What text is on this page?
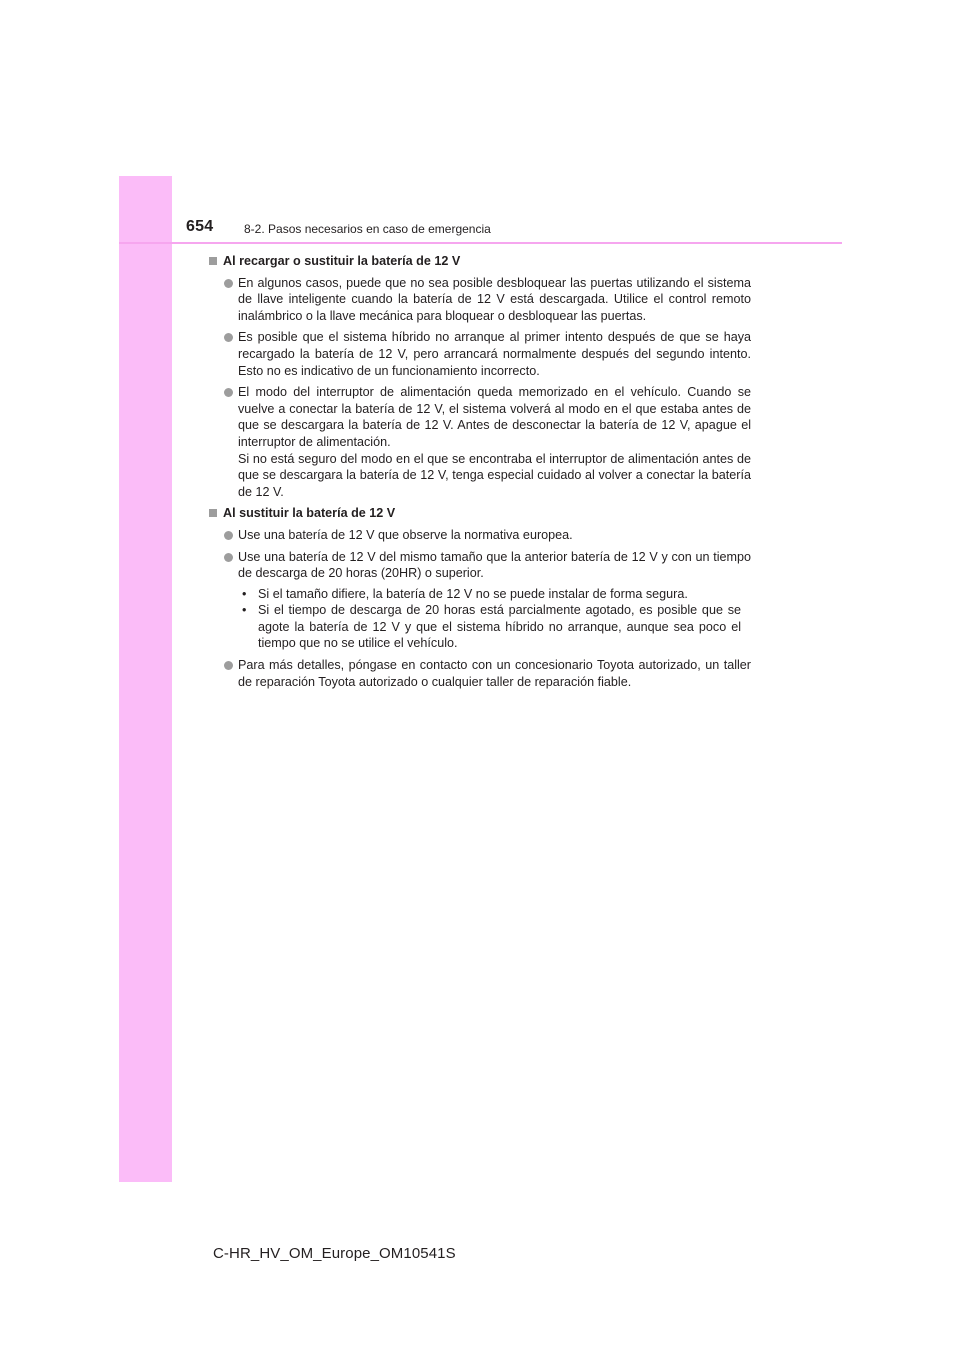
654	8-2. Pasos necesarios en caso de emergencia
Al recargar o sustituir la batería de 12 V

En algunos casos, puede que no sea posible desbloquear las puertas utilizando el sistema de llave inteligente cuando la batería de 12 V está descargada. Utilice el control remoto inalámbrico o la llave mecánica para bloquear o desbloquear las puertas.

Es posible que el sistema híbrido no arranque al primer intento después de que se haya recargado la batería de 12 V, pero arrancará normalmente después del segundo intento. Esto no es indicativo de un funcionamiento incorrecto.

El modo del interruptor de alimentación queda memorizado en el vehículo. Cuando se vuelve a conectar la batería de 12 V, el sistema volverá al modo en el que estaba antes de que se descargara la batería de 12 V. Antes de desconectar la batería de 12 V, apague el interruptor de alimentación.

Si no está seguro del modo en el que se encontraba el interruptor de alimentación antes de que se descargara la batería de 12 V, tenga especial cuidado al volver a conectar la batería de 12 V.

Al sustituir la batería de 12 V

Use una batería de 12 V que observe la normativa europea.

Use una batería de 12 V del mismo tamaño que la anterior batería de 12 V y con un tiempo de descarga de 20 horas (20HR) o superior.

• Si el tamaño difiere, la batería de 12 V no se puede instalar de forma segura.
• Si el tiempo de descarga de 20 horas está parcialmente agotado, es posible que se agote la batería de 12 V y que el sistema híbrido no arranque, aunque sea poco el tiempo que no se utilice el vehículo.

Para más detalles, póngase en contacto con un concesionario Toyota autorizado, un taller de reparación Toyota autorizado o cualquier taller de reparación fiable.

C-HR_HV_OM_Europe_OM10541S
